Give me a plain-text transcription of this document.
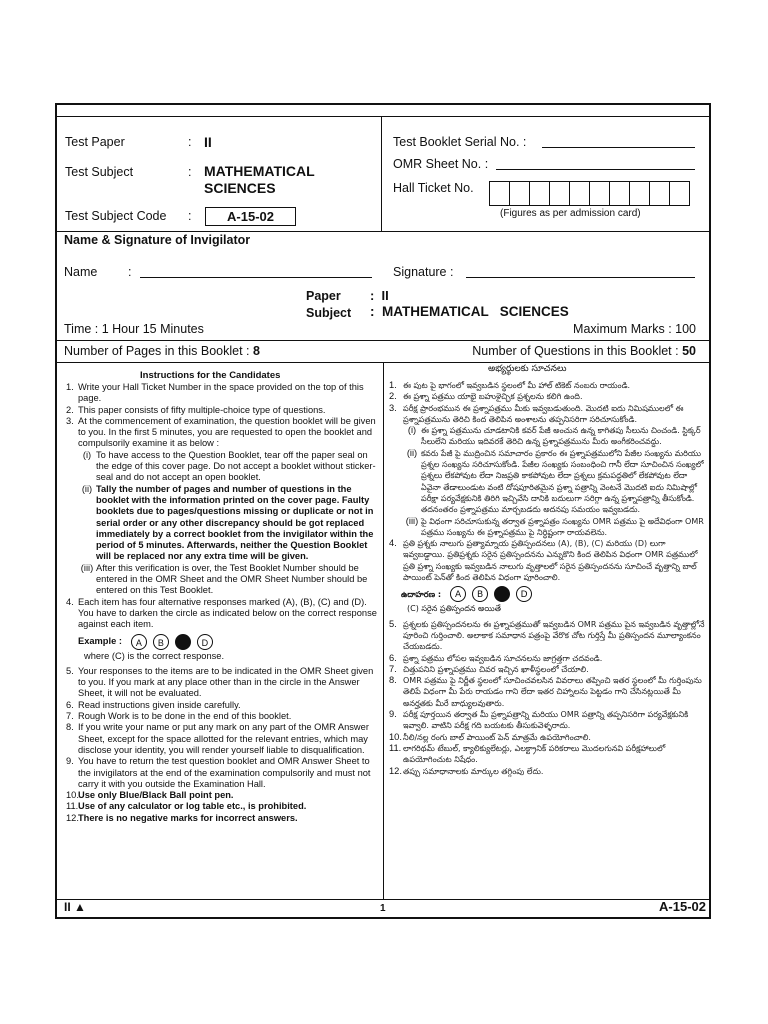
Test Paper	: II
Test Subject	: MATHEMATICAL
SCIENCES
Test Subject Code :	A-15-02
Test Booklet Serial No. :
OMR Sheet No. :
Hall Ticket No.
(Figures as per admission card)
Name & Signature of Invigilator
Name :	Signature :
Paper :  II
Subject :  MATHEMATICAL   SCIENCES
Time : 1 Hour 15 Minutes	Maximum Marks : 100
Number of Pages in this Booklet : 8	Number of Questions in this Booklet : 50
Instructions for the Candidates
1. Write your Hall Ticket Number in the space provided on the top of this page.
2. This paper consists of fifty multiple-choice type of questions.
3. At the commencement of examination, the question booklet will be given to you. In the first 5 minutes, you are requested to open the booklet and compulsorily examine it as below :
(i) To have access to the Question Booklet, tear off the paper seal on the edge of this cover page. Do not accept a booklet without sticker-seal and do not accept an open booklet.
(ii) Tally the number of pages and number of questions in the booklet with the information printed on the cover page. Faulty booklets due to pages/questions missing or duplicate or not in serial order or any other discrepancy should be got replaced immediately by a correct booklet from the invigilator within the period of 5 minutes. Afterwards, neither the Question Booklet will be replaced nor any extra time will be given.
(iii) After this verification is over, the Test Booklet Number should be entered in the OMR Sheet and the OMR Sheet Number should be entered on this Test Booklet.
4. Each item has four alternative responses marked (A), (B), (C) and (D). You have to darken the circle as indicated below on the correct response against each item.
Example : A B	D
where (C) is the correct response.
5. Your responses to the items are to be indicated in the OMR Sheet given to you. If you mark at any place other than in the circle in the Answer Sheet, it will not be evaluated.
6. Read instructions given inside carefully.
7. Rough Work is to be done in the end of this booklet.
8. If you write your name or put any mark on any part of the OMR Answer Sheet, except for the space allotted for the relevant entries, which may disclose your identity, you will render yourself liable to disqualification.
9. You have to return the test question booklet and OMR Answer Sheet to the invigilators at the end of the examination compulsorily and must not carry it with you outside the Examination Hall.
10. Use only Blue/Black Ball point pen.
11. Use of any calculator or log table etc., is prohibited.
12. There is no negative marks for incorrect answers.
అభ్యర్థులకు సూచనలు
1. ఈ పుట పై భాగంలో ఇవ్వబడిన స్థలంలో మీ హాల్ టికెట్ నంబరు రాయండి.
2. ఈ ప్రశ్నా పత్రము యాభై బహుళైచ్ఛిక ప్రశ్నలను కలిగి ఉంది.
3. పరీక్ష ప్రారంభమున ఈ ప్రశ్నాపత్రము మీకు ఇవ్వబడుతుంది. మొదటి ఐదు నిమిషములలో ఈ ప్రశ్నాపత్రమును తెరిచి కింద తెలిపిన అంశాలను తప్పనిసరిగా సరిచూసుకోండి.
(i) ఈ ప్రశ్నా పత్రమును చూడటానికి కవర్ పేజీ అంచున ఉన్న కాగితపు సీలును చించండి. స్టిక్కర్ సీలులేని మరియు ఇదివరకే తెరిచి ఉన్న ప్రశ్నాపత్రమును మీరు అంగీకరించవద్దు.
(ii) కవరు పేజీ పై ముద్రించిన సమాచారం ప్రకారం ఈ ప్రశ్నాపత్రములోని పేజీల సంఖ్యను మరియు ప్రశ్నల సంఖ్యను సరిచూసుకోండి. పేజీల సంఖ్యకు సంబంధించి గానీ లేదా సూచించిన సంఖ్యలో ప్రశ్నలు లేకపోవుట లేదా నిజప్రతి కాకపోవుట లేదా ప్రశ్నలు క్రమపద్ధతిలో లేకపోవుట లేదా ఏవైనా తేడాలుండుట వంటి దోషపూరితమైన ప్రశ్నా పత్రాన్ని వెంటనే మొదటి ఐదు నిమిషాల్లో పరీక్షా పర్యవేక్షకునికి తిరిగి ఇచ్చివేసి దానికి బదులుగా సరిగ్గా ఉన్న ప్రశ్నాపత్రాన్ని తీసుకోండి. తదనంతరం ప్రశ్నాపత్రము మార్చబడదు అదనపు సమయం ఇవ్వబడదు.
(iii) పై విధంగా సరిచూసుకున్న తర్వాత ప్రశ్నాపత్రం సంఖ్యను OMR పత్రము పై అదేవిధంగా OMR పత్రము సంఖ్యను ఈ ప్రశ్నాపత్రము పై నిర్ధిష్టంగా రాయవలెను.
4. ప్రతి ప్రశ్నకు నాలుగు ప్రత్యామ్నాయ ప్రతిస్పందనలు (A), (B), (C) మరియు (D) లుగా ఇవ్వబడ్డాయి. ప్రతిప్రశ్నకు సరైన ప్రతిస్పందనను ఎన్నుకొని కింద తెలిపిన విధంగా OMR పత్రములో ప్రతి ప్రశ్నా సంఖ్యకు ఇవ్వబడిన నాలుగు వృత్తాలలో సరైన ప్రతిస్పందనను సూచించే వృత్తాన్ని బాల్ పాయింట్ పెన్‌తో కింద తెలిపిన విధంగా పూరించాలి.
ఉదాహరణ : A B	D
(C) సరైన ప్రతిస్పందన అయితే
5. ప్రశ్నలకు ప్రతిస్పందనలను ఈ ప్రశ్నాపత్రముతో ఇవ్వబడిన OMR పత్రము పైన ఇవ్వబడిన వృత్తాల్లోనే పూరించి గుర్తించాలి. అలాకాక సమాధాన పత్రంపై వేరొక చోట గుర్తిస్తే మీ ప్రతిస్పందన మూల్యాంకనం చేయబడదు.
6. ప్రశ్నా పత్రము లోపల ఇవ్వబడిన సూచనలను జాగ్రత్తగా చదవండి.
7. చిత్తుపనిని ప్రశ్నాపత్రము చివర ఇచ్చిన ఖాళీస్థలంలో చేయాలి.
8. OMR పత్రము పై నిర్ణీత స్థలంలో సూచించవలసిన వివరాలు తప్పించి ఇతర స్థలంలో మీ గుర్తింపును తెలిపే విధంగా మీ పేరు రాయడం గాని లేదా ఇతర చిహ్నాలను పెట్టడం గాని చేసినట్లయితే మీ అనర్హతకు మీరే బాధ్యులవుతారు.
9. పరీక్ష పూర్తయిన తర్వాత మీ ప్రశ్నాపత్రాన్ని మరియు OMR పత్రాన్ని తప్పనిసరిగా పర్యవేక్షకునికి ఇవ్వాలి. వాటిని పరీక్ష గది బయటకు తీసుకువెళ్ళరాదు.
10. నీలి/నల్ల రంగు బాల్ పాయింట్ పెన్ మాత్రమే ఉపయోగించాలి.
11. లాగరిథమ్ టేబుల్, క్యాలిక్యులేటర్లు, ఎలక్ట్రానిక్ పరికరాలు మొదలగునవి పరీక్షహాలులో ఉపయోగించుట నిషేధం.
12. తప్పు సమాధానాలకు మార్కుల తగ్గింపు లేదు.
II ▲	1	A-15-02
